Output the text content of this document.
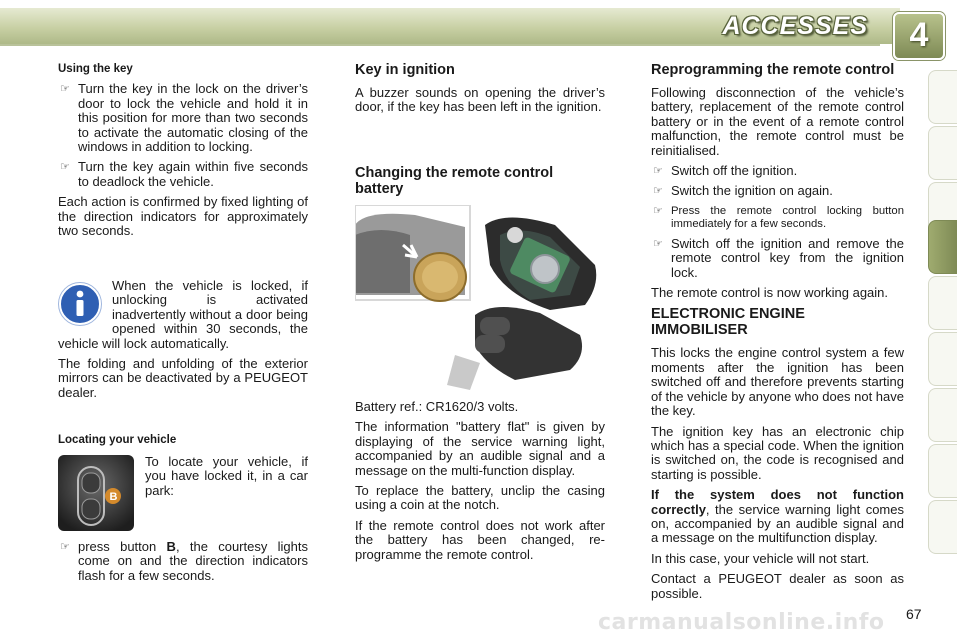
ACCESSES	4
Using the key
☞ Turn the key in the lock on the driver’s door to lock the vehicle and hold it in this position for more than two seconds to activate the automatic closing of the windows in addition to locking.
☞ Turn the key again within five seconds to deadlock the vehicle.

Each action is confirmed by fixed lighting of the direction indicators for approximately two seconds.

When the vehicle is locked, if unlocking is activated inadvertently without a door being opened within 30 seconds, the vehicle will lock automatically.

The folding and unfolding of the exterior mirrors can be deactivated by a PEUGEOT dealer.

Locating your vehicle
B

To locate your vehicle, if you have locked it, in a car park:

☞ press button B, the courtesy lights come on and the direction indicators flash for a few seconds.
Key in ignition

A buzzer sounds on opening the driver’s door, if the key has been left in the ignition.

Changing the remote control battery

Battery ref.: CR1620/3 volts.

The information "battery flat" is given by displaying of the service warning light, accompanied by an audible signal and a message on the multi-function display.

To replace the battery, unclip the casing using a coin at the notch.

If the remote control does not work after the battery has been changed, re-programme the remote control.

Reprogramming the remote control

Following disconnection of the vehicle’s battery, replacement of the remote control battery or in the event of a remote control malfunction, the remote control must be reinitialised.

☞ Switch off the ignition.
☞ Switch the ignition on again.
☞ Press the remote control locking button immediately for a few seconds.
☞ Switch off the ignition and remove the remote control key from the ignition lock.

The remote control is now working again.

ELECTRONIC ENGINE IMMOBILISER

This locks the engine control system a few moments after the ignition has been switched off and therefore prevents starting of the vehicle by anyone who does not have the key.

The ignition key has an electronic chip which has a special code. When the ignition is switched on, the code is recognised and starting is possible.

If the system does not function correctly, the service warning light comes on, accompanied by an audible signal and a message on the multifunction display.

In this case, your vehicle will not start.

Contact a PEUGEOT dealer as soon as possible.

carmanualsonline.info 67
